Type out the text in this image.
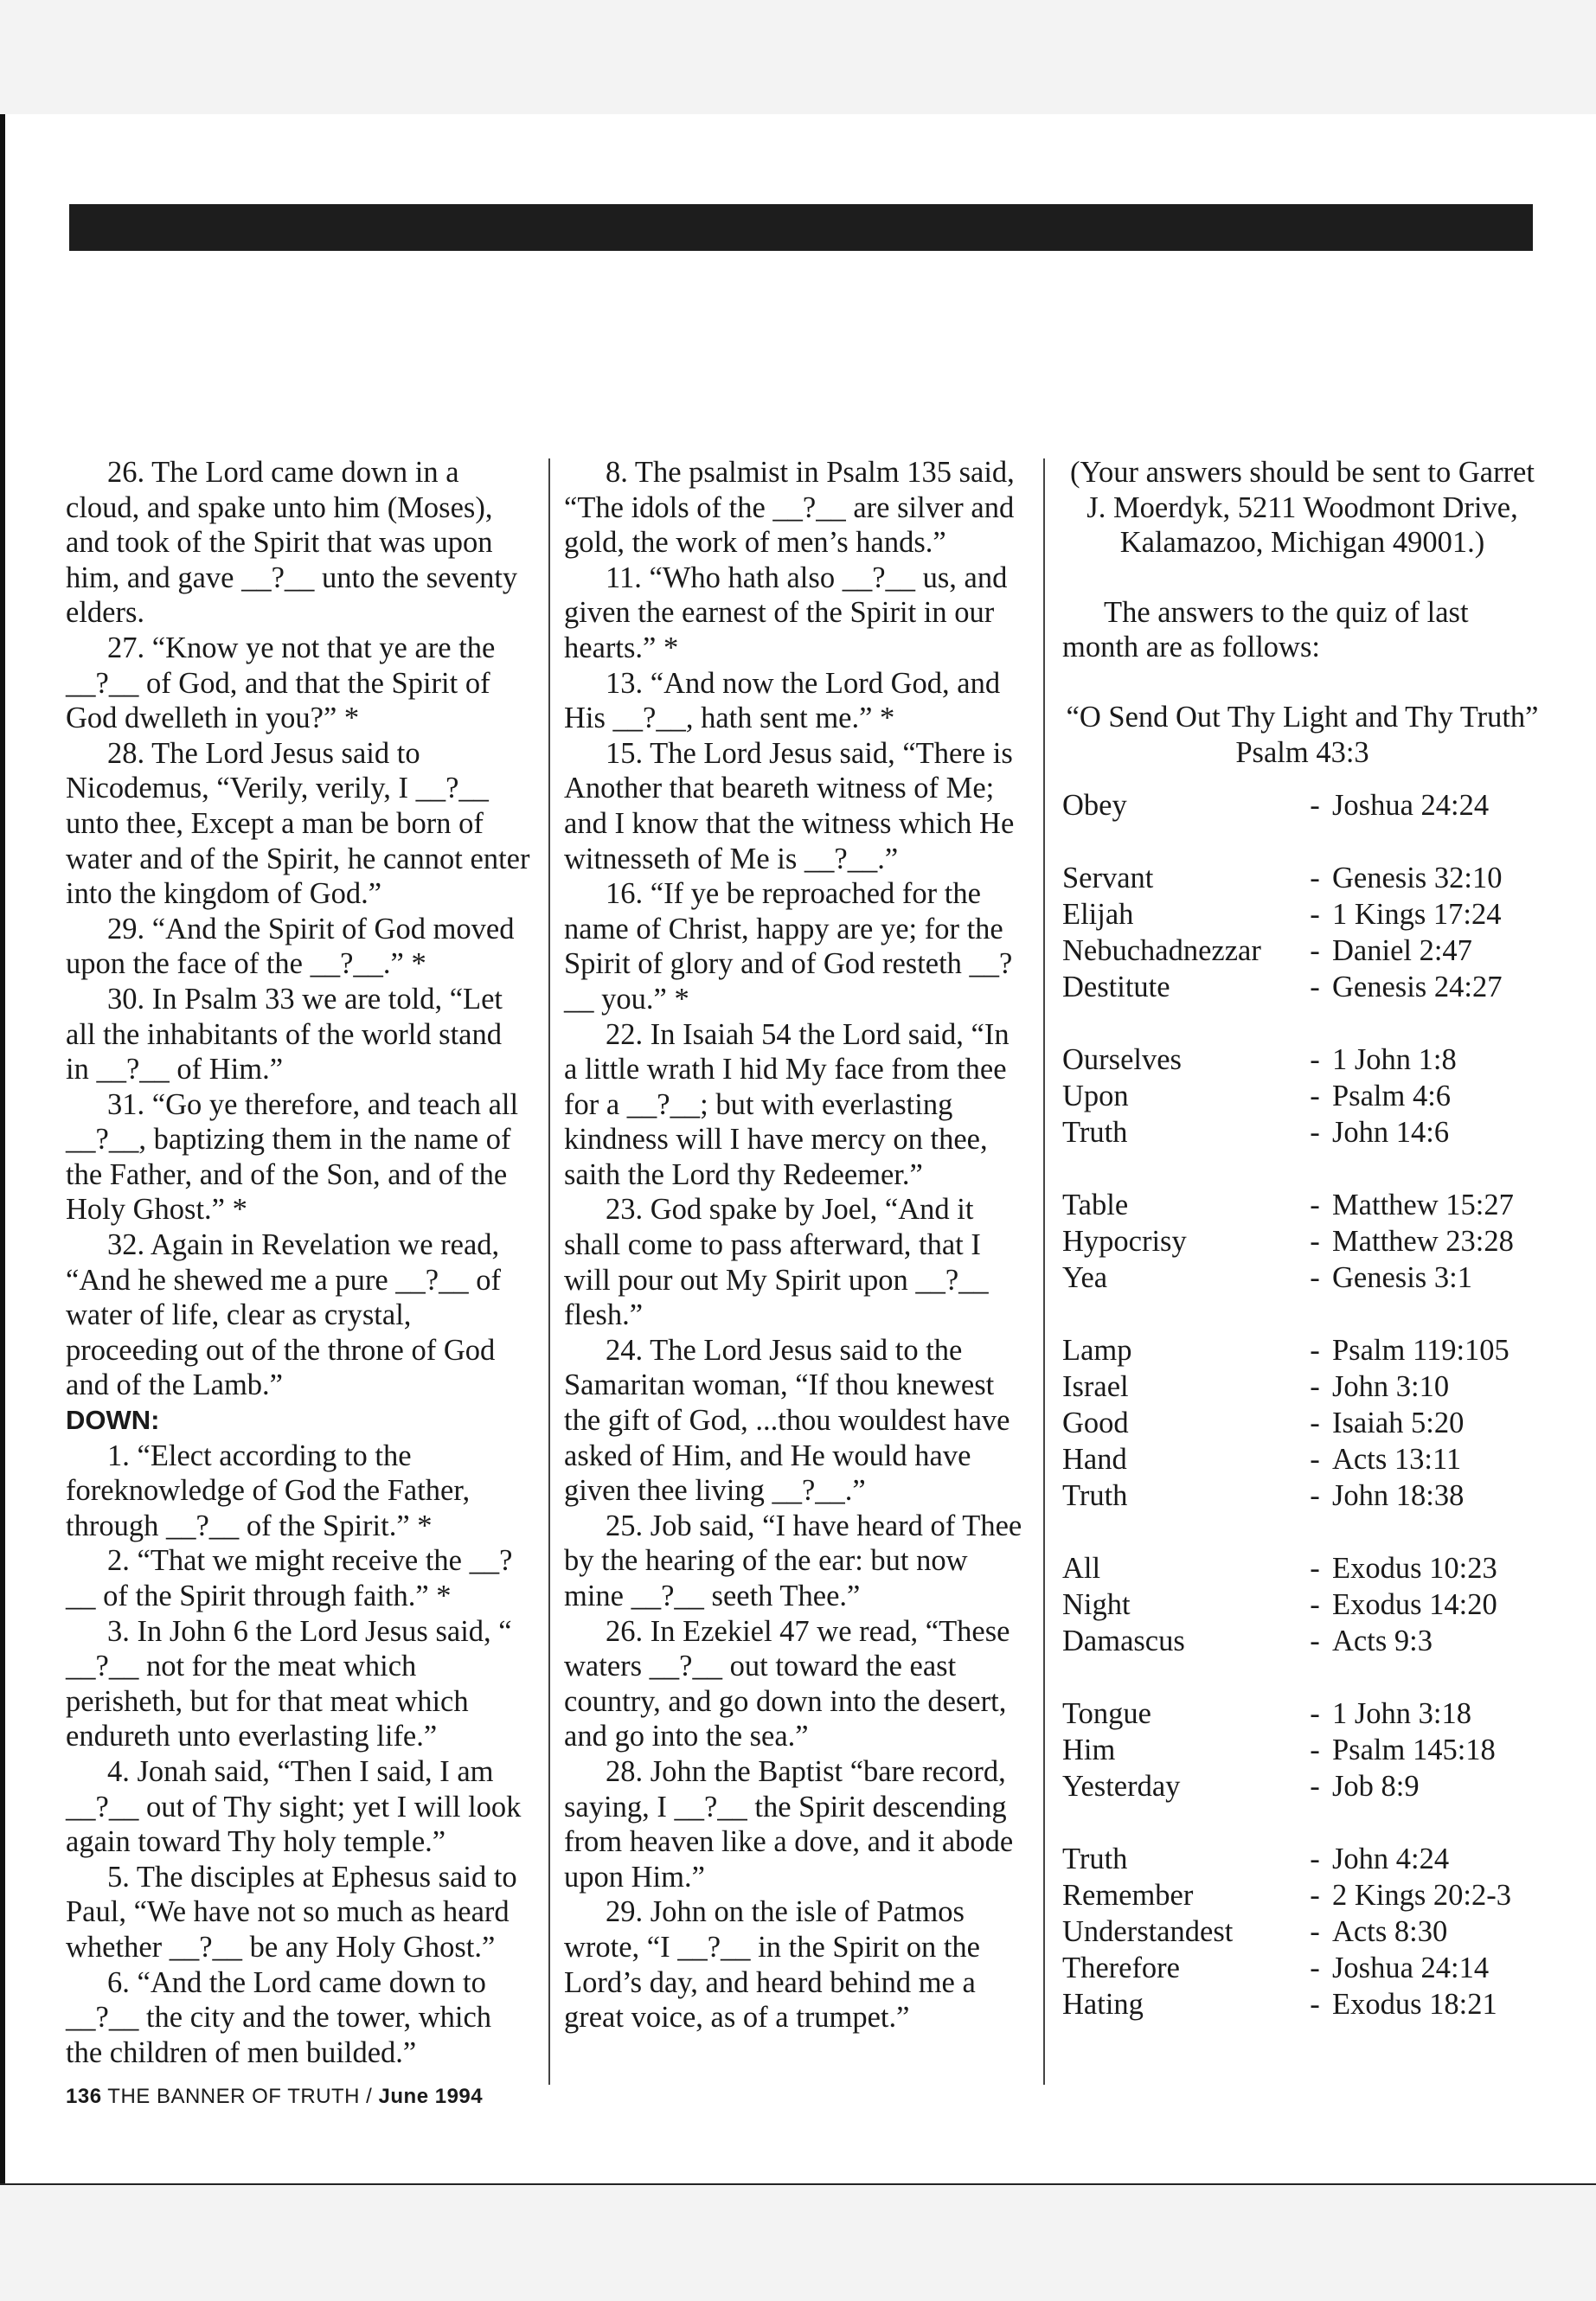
26. The Lord came down in a cloud, and spake unto him (Moses), and took of the Spirit that was upon him, and gave __?__ unto the seventy elders.

27. “Know ye not that ye are the __?__ of God, and that the Spirit of God dwelleth in you?” *

28. The Lord Jesus said to Nicodemus, “Verily, verily, I __?__ unto thee, Except a man be born of water and of the Spirit, he cannot enter into the kingdom of God.”

29. “And the Spirit of God moved upon the face of the __?__.” *

30. In Psalm 33 we are told, “Let all the inhabitants of the world stand in __?__ of Him.”

31. “Go ye therefore, and teach all __?__, baptizing them in the name of the Father, and of the Son, and of the Holy Ghost.” *

32. Again in Revelation we read, “And he shewed me a pure __?__ of water of life, clear as crystal, proceeding out of the throne of God and of the Lamb.”

DOWN:

1. “Elect according to the foreknowledge of God the Father, through __?__ of the Spirit.” *

2. “That we might receive the __?__ of the Spirit through faith.” *

3. In John 6 the Lord Jesus said, “ __?__ not for the meat which perisheth, but for that meat which endureth unto everlasting life.”

4. Jonah said, “Then I said, I am __?__ out of Thy sight; yet I will look again toward Thy holy temple.”

5. The disciples at Ephesus said to Paul, “We have not so much as heard whether __?__ be any Holy Ghost.”

6. “And the Lord came down to __?__ the city and the tower, which the children of men builded.”

8. The psalmist in Psalm 135 said, “The idols of the __?__ are silver and gold, the work of men’s hands.”

11. “Who hath also __?__ us, and given the earnest of the Spirit in our hearts.” *

13. “And now the Lord God, and His __?__, hath sent me.” *

15. The Lord Jesus said, “There is Another that beareth witness of Me; and I know that the witness which He witnesseth of Me is __?__.”

16. “If ye be reproached for the name of Christ, happy are ye; for the Spirit of glory and of God resteth __?__ you.” *

22. In Isaiah 54 the Lord said, “In a little wrath I hid My face from thee for a __?__; but with everlasting kindness will I have mercy on thee, saith the Lord thy Redeemer.”

23. God spake by Joel, “And it shall come to pass afterward, that I will pour out My Spirit upon __?__ flesh.”

24. The Lord Jesus said to the Samaritan woman, “If thou knewest the gift of God, ...thou wouldest have asked of Him, and He would have given thee living __?__.”

25. Job said, “I have heard of Thee by the hearing of the ear: but now mine __?__ seeth Thee.”

26. In Ezekiel 47 we read, “These waters __?__ out toward the east country, and go down into the desert, and go into the sea.”

28. John the Baptist “bare record, saying, I __?__ the Spirit descending from heaven like a dove, and it abode upon Him.”

29. John on the isle of Patmos wrote, “I __?__ in the Spirit on the Lord’s day, and heard behind me a great voice, as of a trumpet.”

(Your answers should be sent to Garret J. Moerdyk, 5211 Woodmont Drive, Kalamazoo, Michigan 49001.)

The answers to the quiz of last month are as follows:

“O Send Out Thy Light and Thy Truth”

Psalm 43:3

Obey	-	Joshua 24:24

Servant	-	Genesis 32:10
Elijah	-	1 Kings 17:24
Nebuchadnezzar	-	Daniel 2:47
Destitute	-	Genesis 24:27

Ourselves	-	1 John 1:8
Upon	-	Psalm 4:6
Truth	-	John 14:6

Table	-	Matthew 15:27
Hypocrisy	-	Matthew 23:28
Yea	-	Genesis 3:1

Lamp	-	Psalm 119:105
Israel	-	John 3:10
Good	-	Isaiah 5:20
Hand	-	Acts 13:11
Truth	-	John 18:38

All	-	Exodus 10:23
Night	-	Exodus 14:20
Damascus	-	Acts 9:3

Tongue	-	1 John 3:18
Him	-	Psalm 145:18
Yesterday	-	Job 8:9

Truth	-	John 4:24
Remember	-	2 Kings 20:2-3
Understandest	-	Acts 8:30
Therefore	-	Joshua 24:14
Hating	-	Exodus 18:21
136 THE BANNER OF TRUTH / June 1994
